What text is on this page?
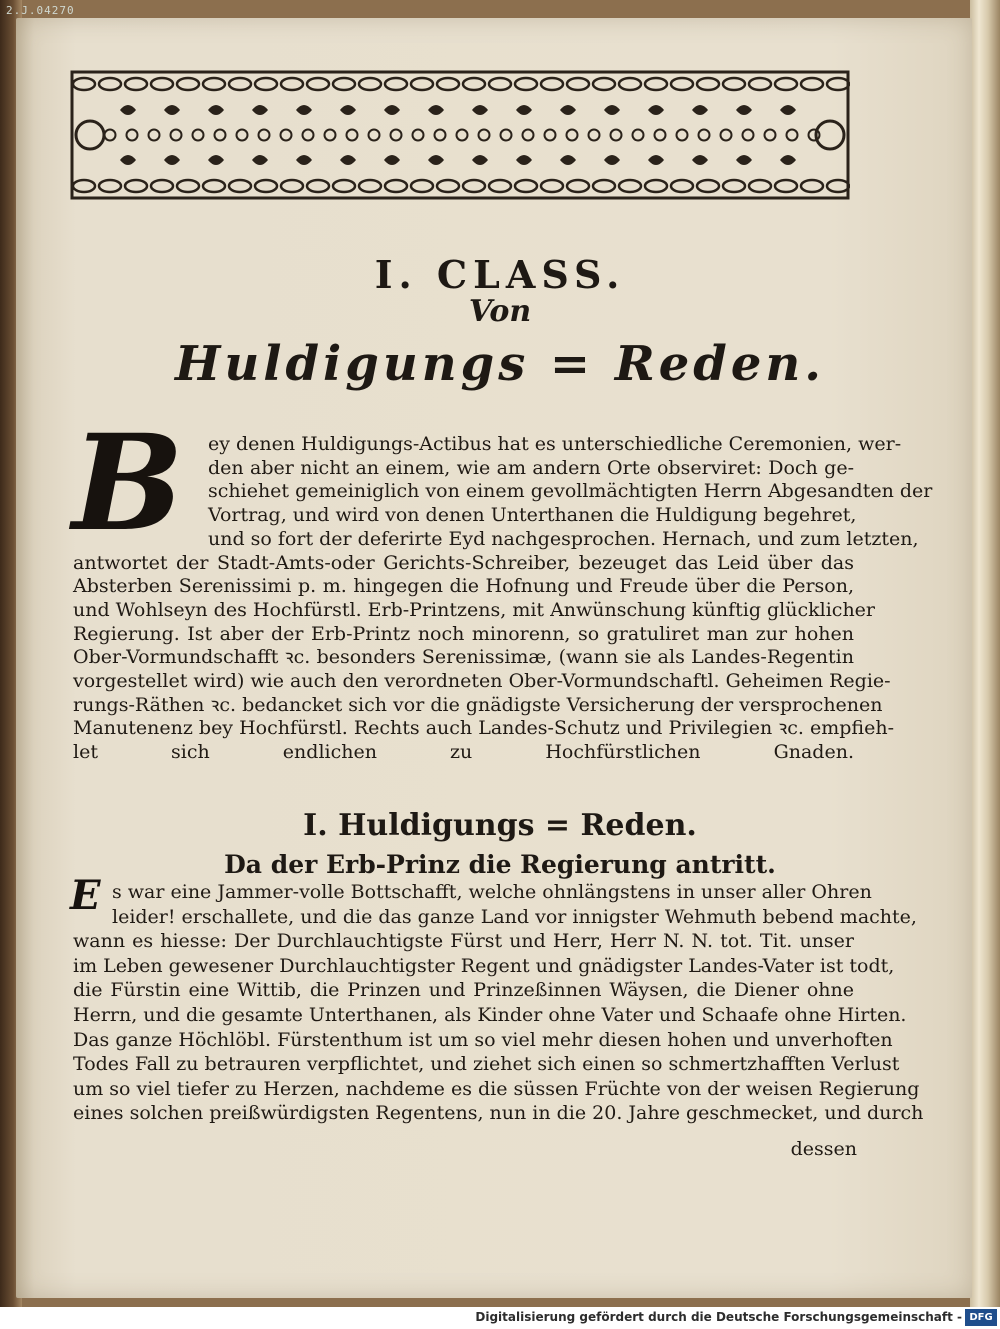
2.J.04270

I. CLASS.

Von

Huldigungs = Reden.

B ey denen Huldigungs-Actibus hat es unterschiedliche Ceremonien, wer-

den aber nicht an einem, wie am andern Orte observiret: Doch ge-

schiehet gemeiniglich von einem gevollmächtigten Herrn Abgesandten der

Vortrag, und wird von denen Unterthanen die Huldigung begehret,

und so fort der deferirte Eyd nachgesprochen. Hernach, und zum letzten,

antwortet der Stadt-Amts-oder Gerichts-Schreiber, bezeuget das Leid über das

Absterben Serenissimi p. m. hingegen die Hofnung und Freude über die Person,

und Wohlseyn des Hochfürstl. Erb-Printzens, mit Anwünschung künftig glücklicher

Regierung. Ist aber der Erb-Printz noch minorenn, so gratuliret man zur hohen

Ober-Vormundschafft ꝛc. besonders Serenissimæ, (wann sie als Landes-Regentin

vorgestellet wird) wie auch den verordneten Ober-Vormundschaftl. Geheimen Regie-

rungs-Räthen ꝛc. bedancket sich vor die gnädigste Versicherung der versprochenen

Manutenenz bey Hochfürstl. Rechts auch Landes-Schutz und Privilegien ꝛc. empfieh-

let sich endlichen zu Hochfürstlichen Gnaden.

I. Huldigungs = Reden.

Da der Erb-Prinz die Regierung antritt.

E s war eine Jammer-volle Bottschafft, welche ohnlängstens in unser aller Ohren

leider! erschallete, und die das ganze Land vor innigster Wehmuth bebend machte,

wann es hiesse: Der Durchlauchtigste Fürst und Herr, Herr N. N. tot. Tit. unser

im Leben gewesener Durchlauchtigster Regent und gnädigster Landes-Vater ist todt,

die Fürstin eine Wittib, die Prinzen und Prinzeßinnen Wäysen, die Diener ohne

Herrn, und die gesamte Unterthanen, als Kinder ohne Vater und Schaafe ohne Hirten.

Das ganze Höchlöbl. Fürstenthum ist um so viel mehr diesen hohen und unverhoften

Todes Fall zu betrauren verpflichtet, und ziehet sich einen so schmertzhafften Verlust

um so viel tiefer zu Herzen, nachdeme es die süssen Früchte von der weisen Regierung

eines solchen preißwürdigsten Regentens, nun in die 20. Jahre geschmecket, und durch

dessen

Digitalisierung gefördert durch die Deutsche Forschungsgemeinschaft - DFG
